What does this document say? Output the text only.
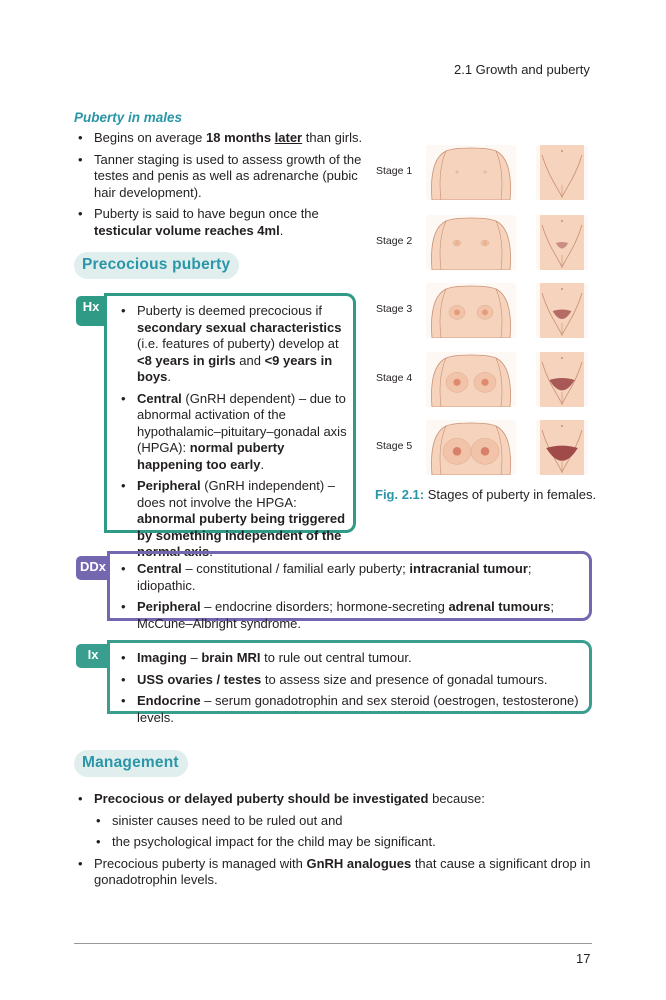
2.1 Growth and puberty
Puberty in males
• Begins on average 18 months later than girls.
• Tanner staging is used to assess growth of the testes and penis as well as adrenarche (pubic hair development).
• Puberty is said to have begun once the testicular volume reaches 4ml.
Precocious puberty
Hx	• Puberty is deemed precocious if secondary sexual characteristics (i.e. features of puberty) develop at <8 years in girls and <9 years in boys.
• Central (GnRH dependent) – due to abnormal activation of the hypothalamic–pituitary–gonadal axis (HPGA): normal puberty happening too early.
• Peripheral (GnRH independent) – does not involve the HPGA: abnormal puberty being triggered by something independent of the normal axis.
Stage 1
Stage 2
Stage 3
Stage 4
Stage 5
Fig. 2.1: Stages of puberty in females.
DDx	• Central – constitutional / familial early puberty; intracranial tumour; idiopathic.
• Peripheral – endocrine disorders; hormone-secreting adrenal tumours; McCune–Albright syndrome.
Ix	• Imaging – brain MRI to rule out central tumour.
• USS ovaries / testes to assess size and presence of gonadal tumours.
• Endocrine – serum gonadotrophin and sex steroid (oestrogen, testosterone) levels.
Management
• Precocious or delayed puberty should be investigated because:
• sinister causes need to be ruled out and
• the psychological impact for the child may be significant.
• Precocious puberty is managed with GnRH analogues that cause a significant drop in gonadotrophin levels.
17
